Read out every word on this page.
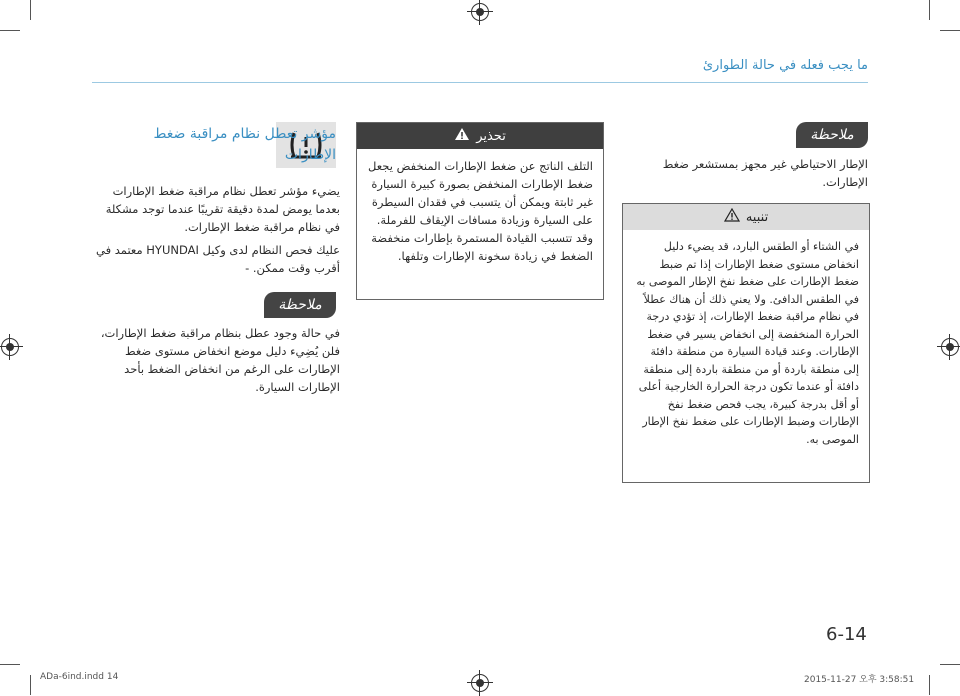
ما يجب فعله في حالة الطوارئ
مؤشر تعطل نظام مراقبة ضغط الإطارات
يضيء مؤشر تعطل نظام مراقبة ضغط الإطارات بعدما يومض لمدة دقيقة تقريبًا عندما توجد مشكلة في نظام مراقبة ضغط الإطارات.
عليك فحص النظام لدى وكيل HYUNDAI معتمد في أقرب وقت ممكن. -
ملاحظة
في حالة وجود عطل بنظام مراقبة ضغط الإطارات، فلن يُضِيء دليل موضع انخفاض مستوى ضغط الإطارات على الرغم من انخفاض الضغط بأحد الإطارات السيارة.
تحذير
التلف الناتج عن ضغط الإطارات المنخفض يجعل ضغط الإطارات المنخفض بصورة كبيرة السيارة غير ثابتة ويمكن أن يتسبب في فقدان السيطرة على السيارة وزيادة مسافات الإيقاف للفرملة. وقد تتسبب القيادة المستمرة بإطارات منخفضة الضغط في زيادة سخونة الإطارات وتلفها.
ملاحظة
الإطار الاحتياطي غير مجهز بمستشعر ضغط الإطارات.
تنبيه
في الشتاء أو الطقس البارد، قد يضيء دليل انخفاض مستوى ضغط الإطارات إذا تم ضبط ضغط الإطارات على ضغط نفخ الإطار الموصى به في الطقس الدافئ. ولا يعني ذلك أن هناك عطلاً في نظام مراقبة ضغط الإطارات، إذ تؤدي درجة الحرارة المنخفضة إلى انخفاض يسير في ضغط الإطارات. وعند قيادة السيارة من منطقة دافئة إلى منطقة باردة أو من منطقة باردة إلى منطقة دافئة أو عندما تكون درجة الحرارة الخارجية أعلى أو أقل بدرجة كبيرة، يجب فحص ضغط نفخ الإطارات وضبط الإطارات على ضغط نفخ الإطار الموصى به.
6-14
ADa-6ind.indd 14	2015-11-27 오후 3:58:51
